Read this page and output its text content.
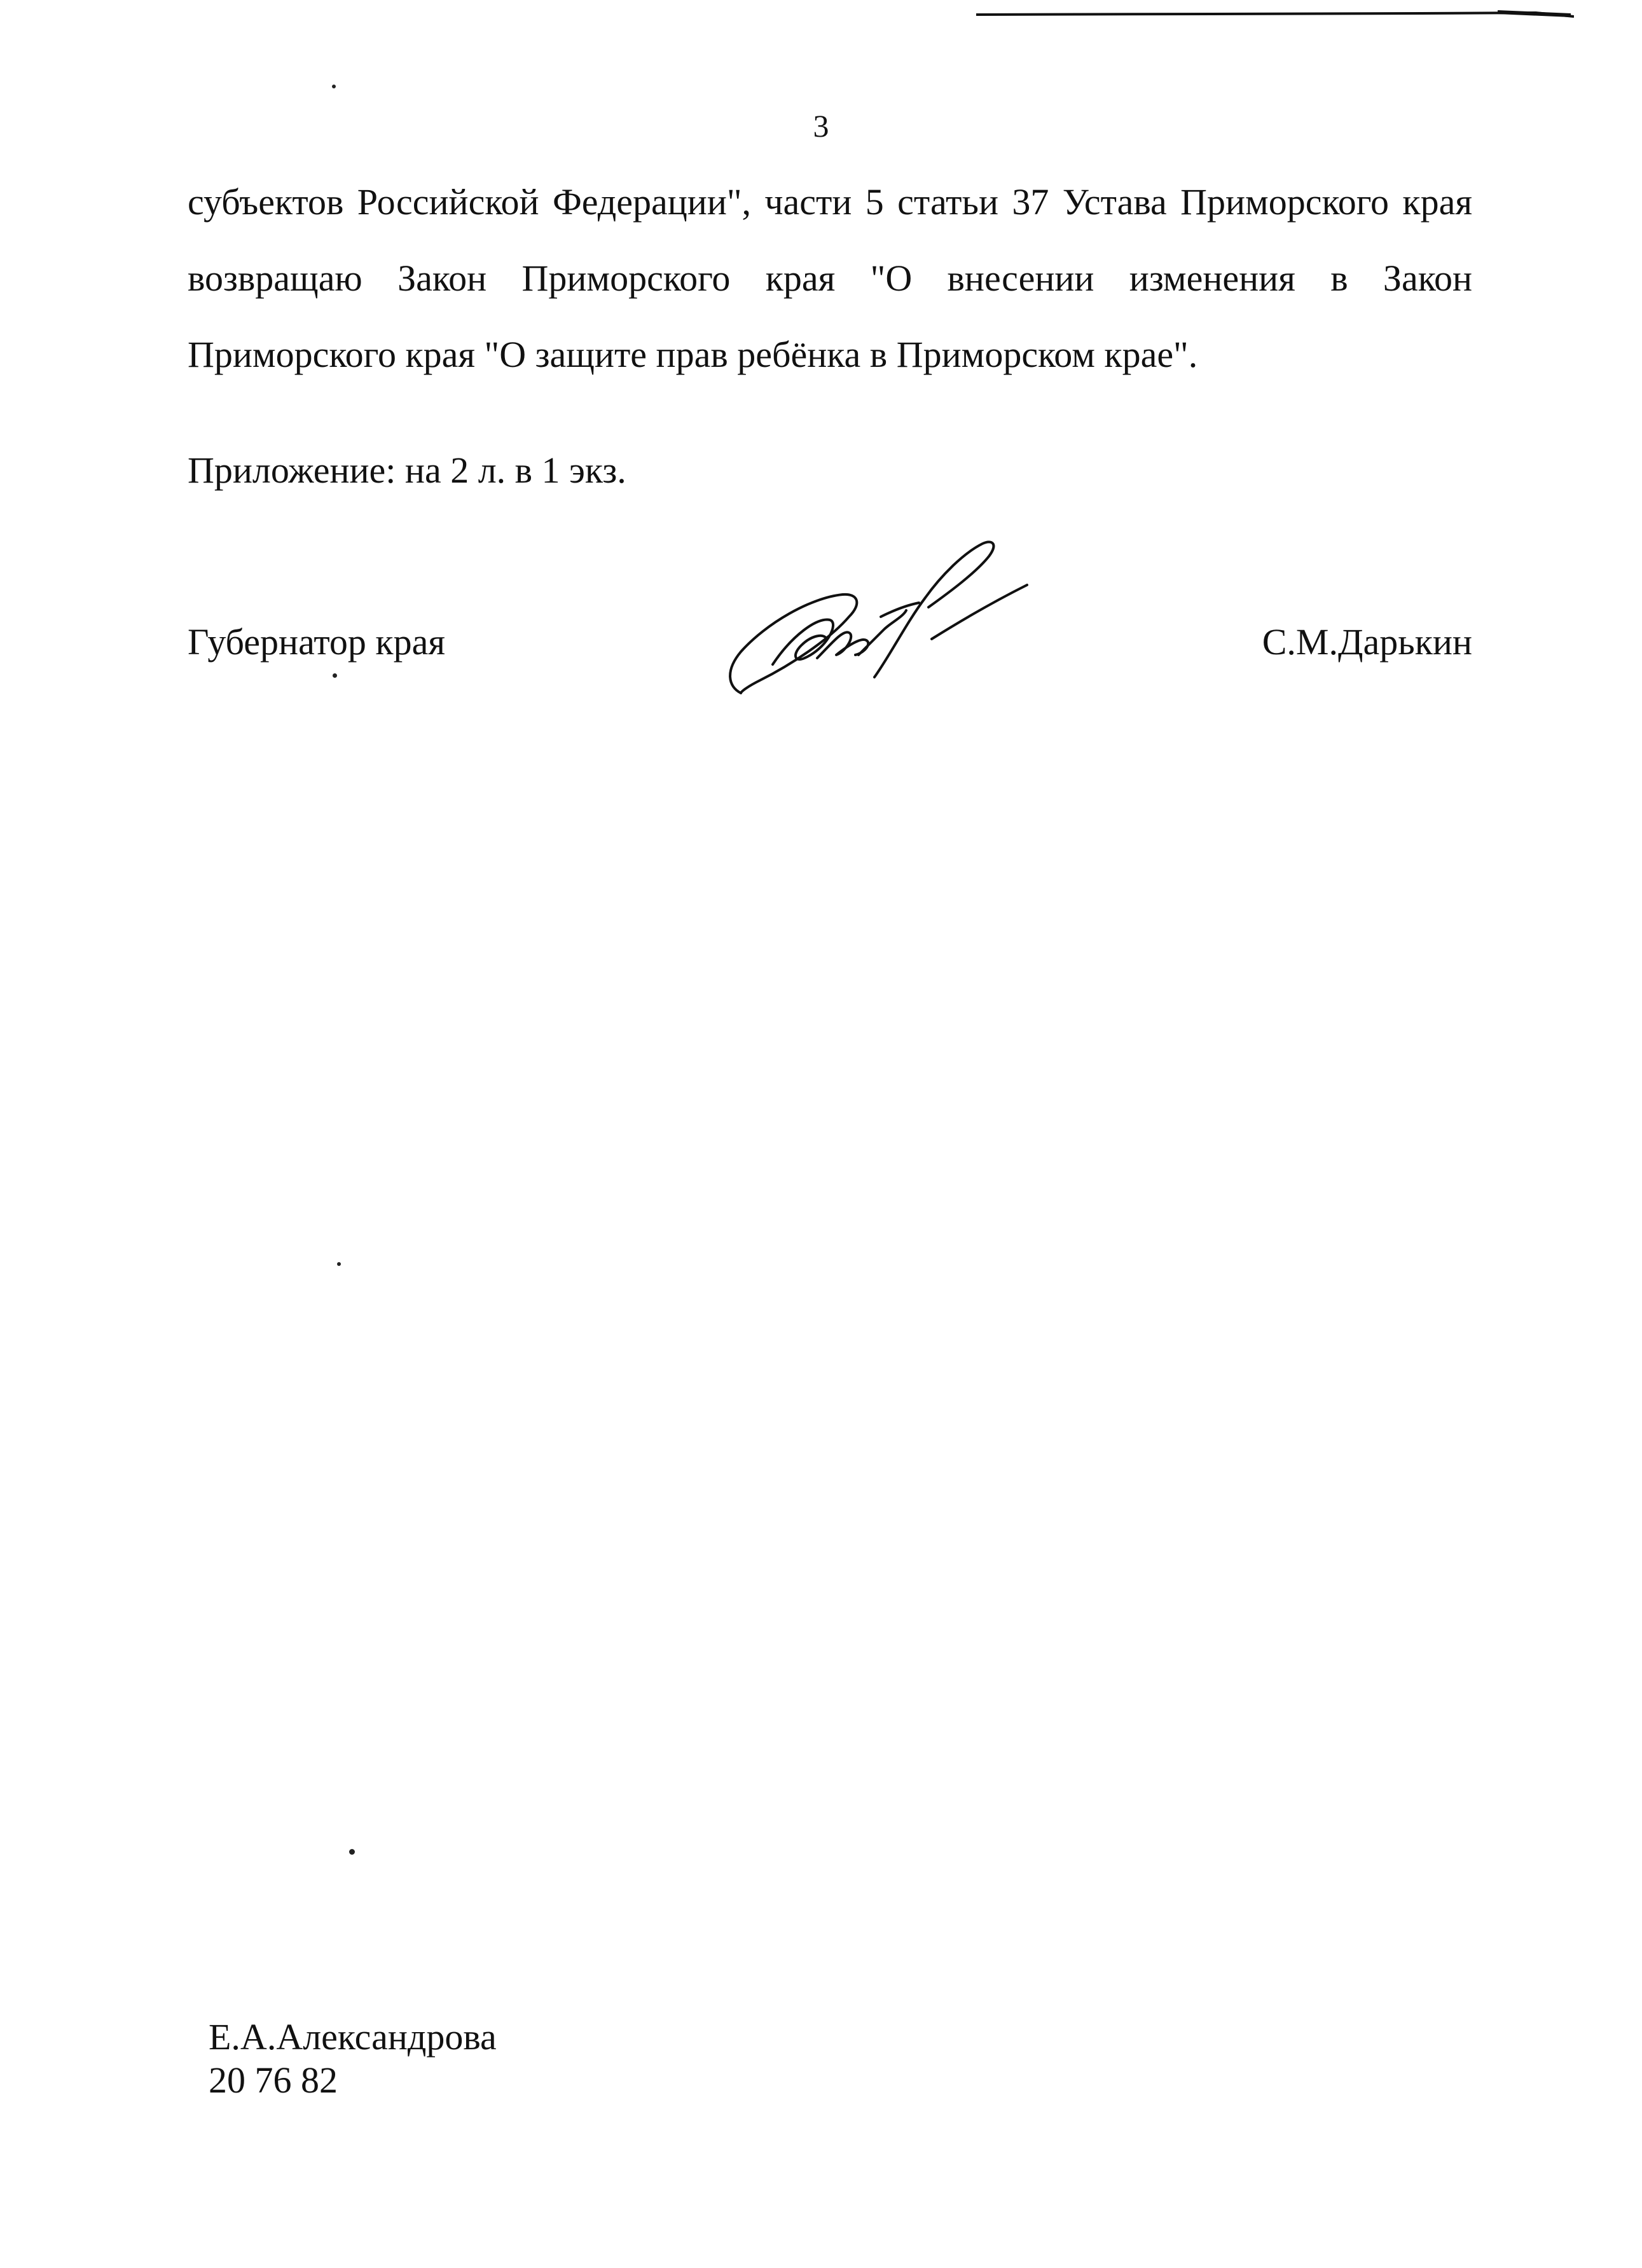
3
субъектов Российской Федерации", части 5 статьи 37 Устава Приморского края
возвращаю Закон Приморского края "О внесении изменения в Закон
Приморского края "О защите прав ребёнка в Приморском крае".
Приложение: на 2 л. в 1 экз.
Губернатор края	С.М.Дарькин
Е.А.Александрова
20 76 82
